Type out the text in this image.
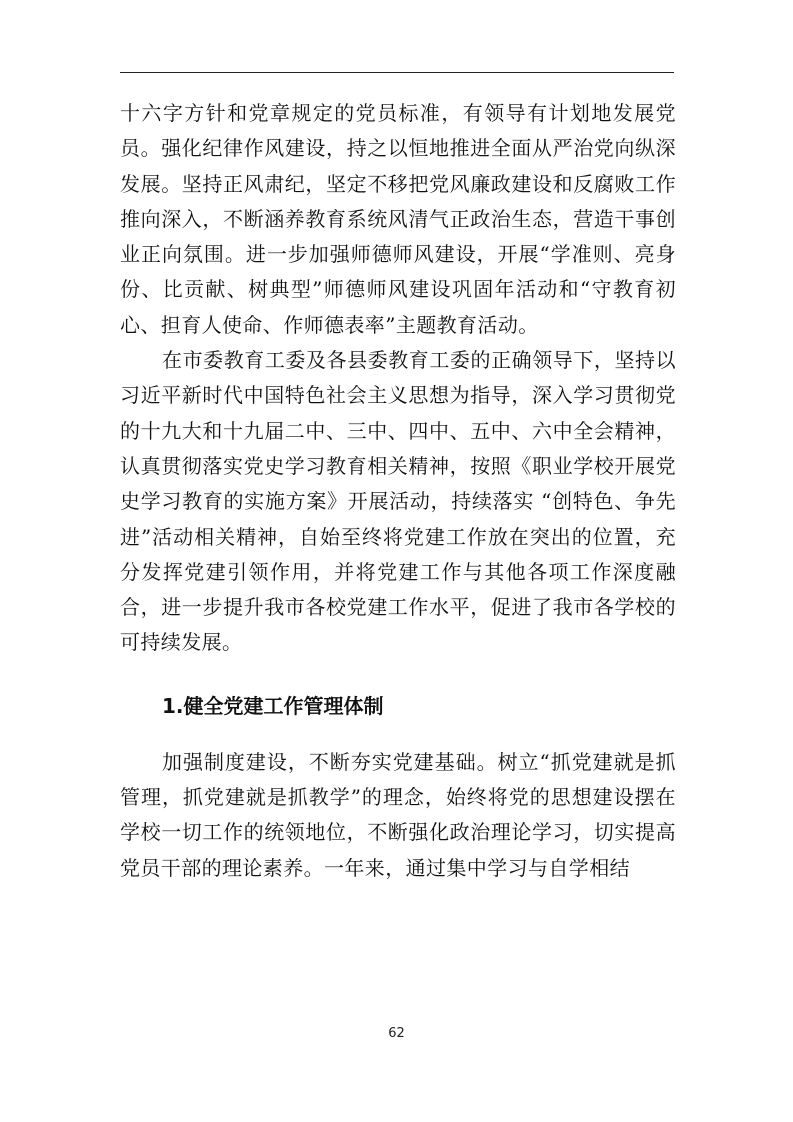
十六字方针和党章规定的党员标准，有领导有计划地发展党员。强化纪律作风建设，持之以恒地推进全面从严治党向纵深发展。坚持正风肃纪，坚定不移把党风廉政建设和反腐败工作推向深入，不断涵养教育系统风清气正政治生态，营造干事创业正向氛围。进一步加强师德师风建设，开展“学准则、亮身份、比贡献、树典型”师德师风建设巩固年活动和“守教育初心、担育人使命、作师德表率”主题教育活动。

在市委教育工委及各县委教育工委的正确领导下，坚持以习近平新时代中国特色社会主义思想为指导，深入学习贯彻党的十九大和十九届二中、三中、四中、五中、六中全会精神，认真贯彻落实党史学习教育相关精神，按照《职业学校开展党史学习教育的实施方案》开展活动，持续落实 “创特色、争先进”活动相关精神，自始至终将党建工作放在突出的位置，充分发挥党建引领作用，并将党建工作与其他各项工作深度融合，进一步提升我市各校党建工作水平，促进了我市各学校的可持续发展。

1.健全党建工作管理体制

加强制度建设，不断夯实党建基础。树立“抓党建就是抓管理，抓党建就是抓教学”的理念，始终将党的思想建设摆在学校一切工作的统领地位，不断强化政治理论学习，切实提高党员干部的理论素养。一年来，通过集中学习与自学相结

62
